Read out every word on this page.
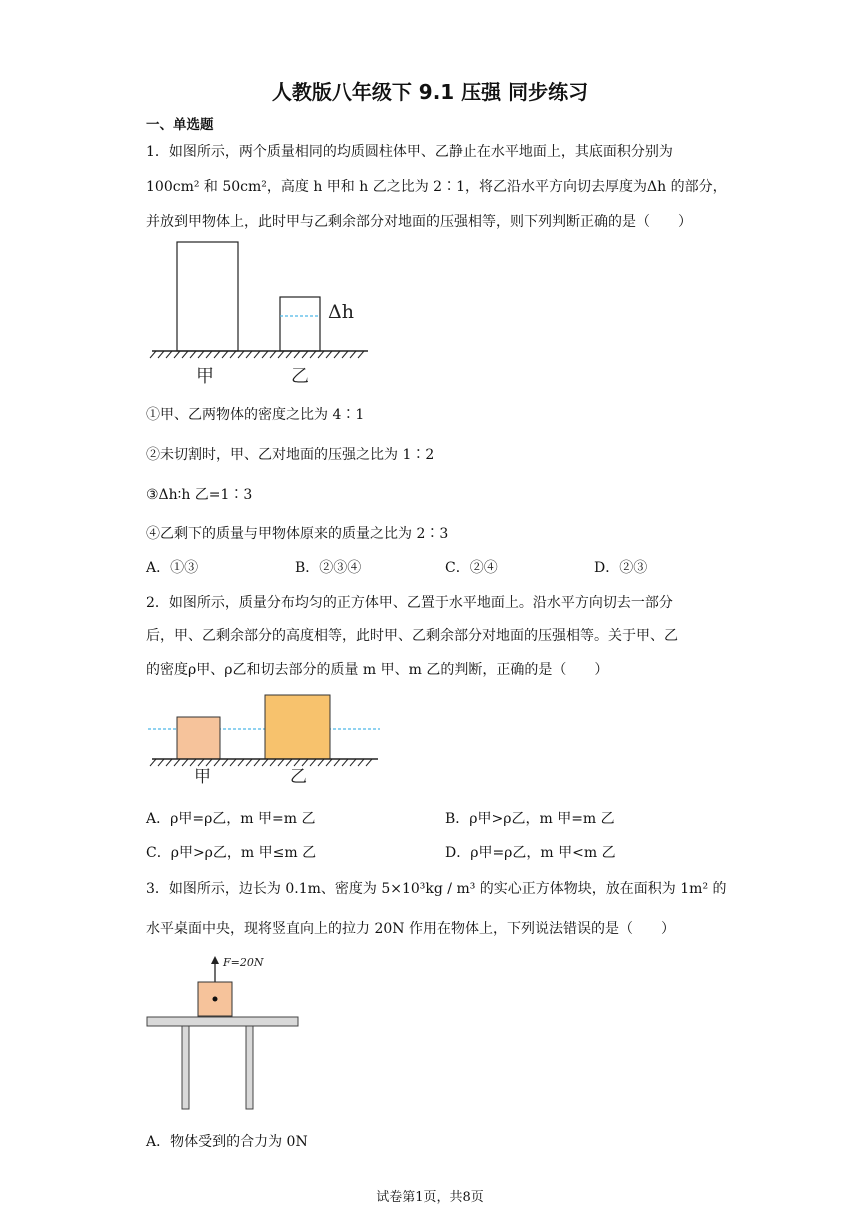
人教版八年级下 9.1 压强 同步练习
一、单选题
1．如图所示，两个质量相同的均质圆柱体甲、乙静止在水平地面上，其底面积分别为
100cm² 和 50cm²，高度 h 甲和 h 乙之比为 2∶1，将乙沿水平方向切去厚度为Δh 的部分，
并放到甲物体上，此时甲与乙剩余部分对地面的压强相等，则下列判断正确的是（　　）
甲	乙
Δh
①甲、乙两物体的密度之比为 4∶1
②未切割时，甲、乙对地面的压强之比为 1∶2
③Δh∶h 乙=1∶3
④乙剩下的质量与甲物体原来的质量之比为 2∶3
A．①③	B．②③④	C．②④	D．②③
2．如图所示，质量分布均匀的正方体甲、乙置于水平地面上。沿水平方向切去一部分
后，甲、乙剩余部分的高度相等，此时甲、乙剩余部分对地面的压强相等。关于甲、乙
的密度ρ甲、ρ乙和切去部分的质量 m 甲、m 乙的判断，正确的是（　　）
甲	乙
A．ρ甲=ρ乙，m 甲=m 乙	B．ρ甲>ρ乙，m 甲=m 乙
C．ρ甲>ρ乙，m 甲≤m 乙	D．ρ甲=ρ乙，m 甲<m 乙
3．如图所示，边长为 0.1m、密度为 5×10³kg / m³ 的实心正方体物块，放在面积为 1m² 的
水平桌面中央，现将竖直向上的拉力 20N 作用在物体上，下列说法错误的是（　　）
F=20N
A．物体受到的合力为 0N
试卷第1页，共8页
